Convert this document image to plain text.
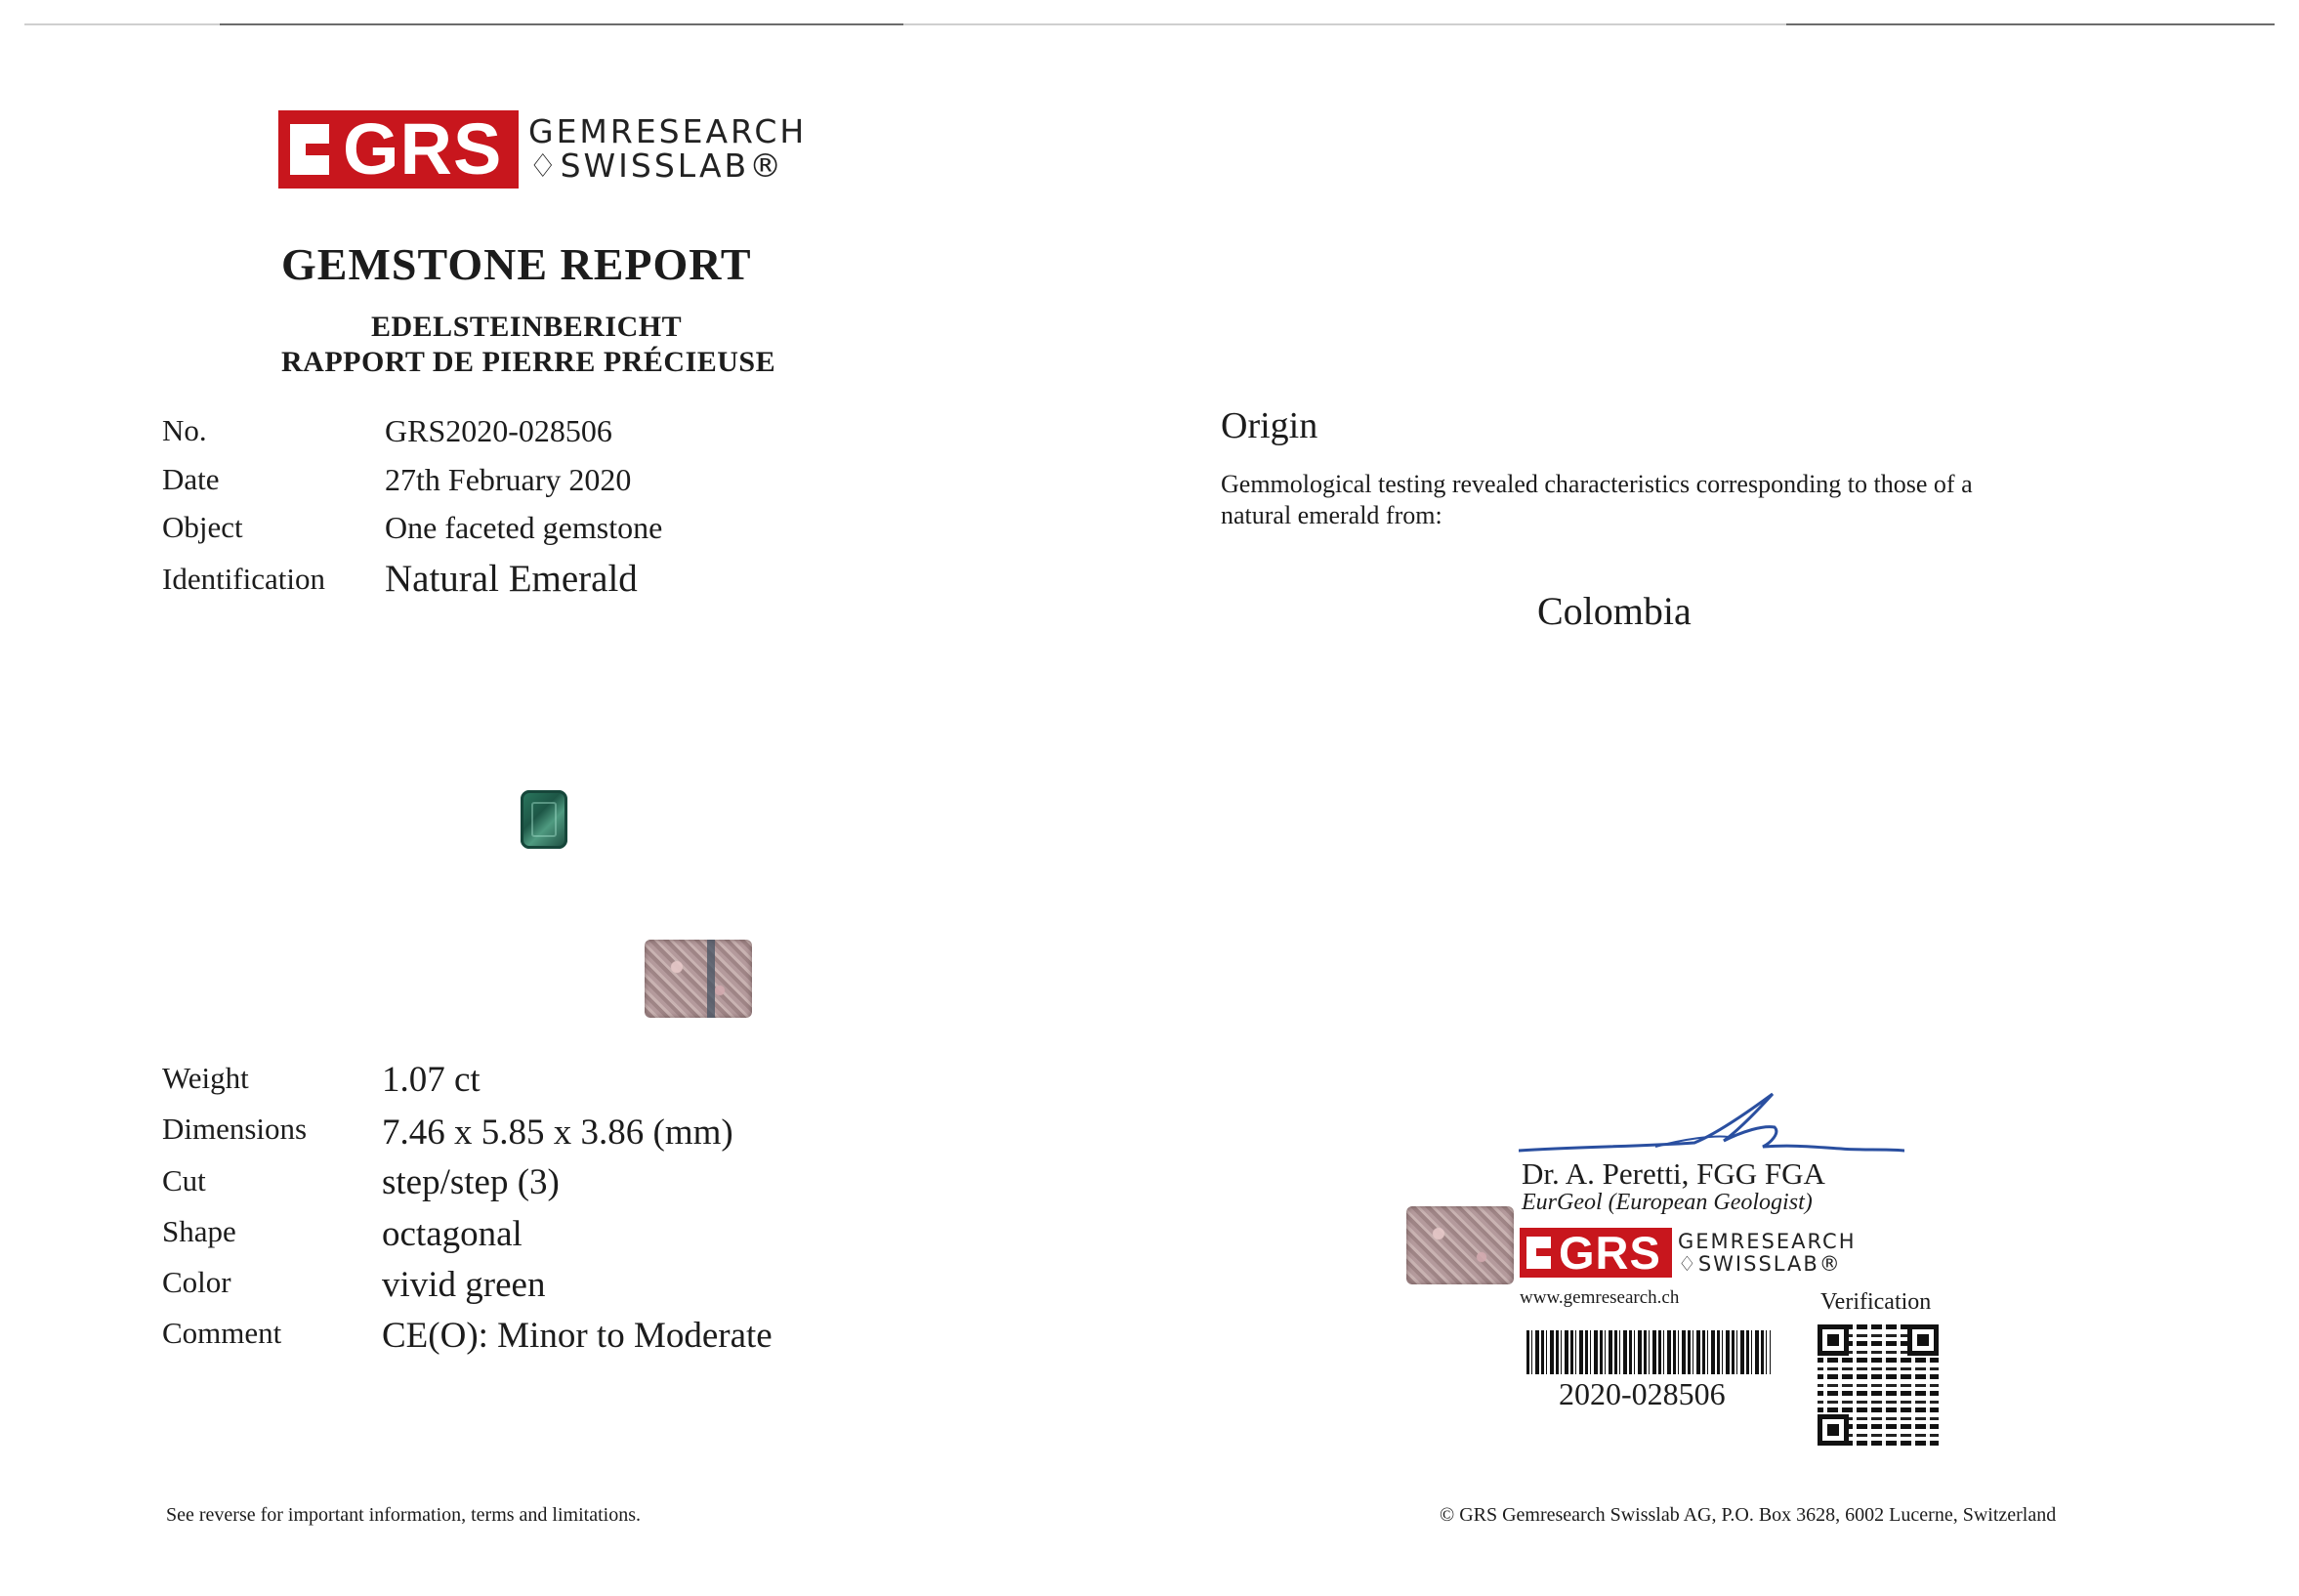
GRS GEMRESEARCH
♢SWISSLAB®
GEMSTONE REPORT
EDELSTEINBERICHT
RAPPORT DE PIERRE PRÉCIEUSE
No.	GRS2020-028506
Date	27th February 2020
Object	One faceted gemstone
Identification Natural Emerald
Weight	1.07 ct
Dimensions 7.46 x 5.85 x 3.86 (mm)
Cut	step/step (3)
Shape	octagonal
Color	vivid green
Comment	CE(O): Minor to Moderate
Origin
Gemmological testing revealed characteristics corresponding to those of a natural emerald from:
Colombia
Dr. A. Peretti, FGG FGA
EurGeol (European Geologist)
GRS GEMRESEARCH
♢SWISSLAB®
www.gemresearch.ch	Verification
2020-028506
See reverse for important information, terms and limitations.	© GRS Gemresearch Swisslab AG, P.O. Box 3628, 6002 Lucerne, Switzerland
